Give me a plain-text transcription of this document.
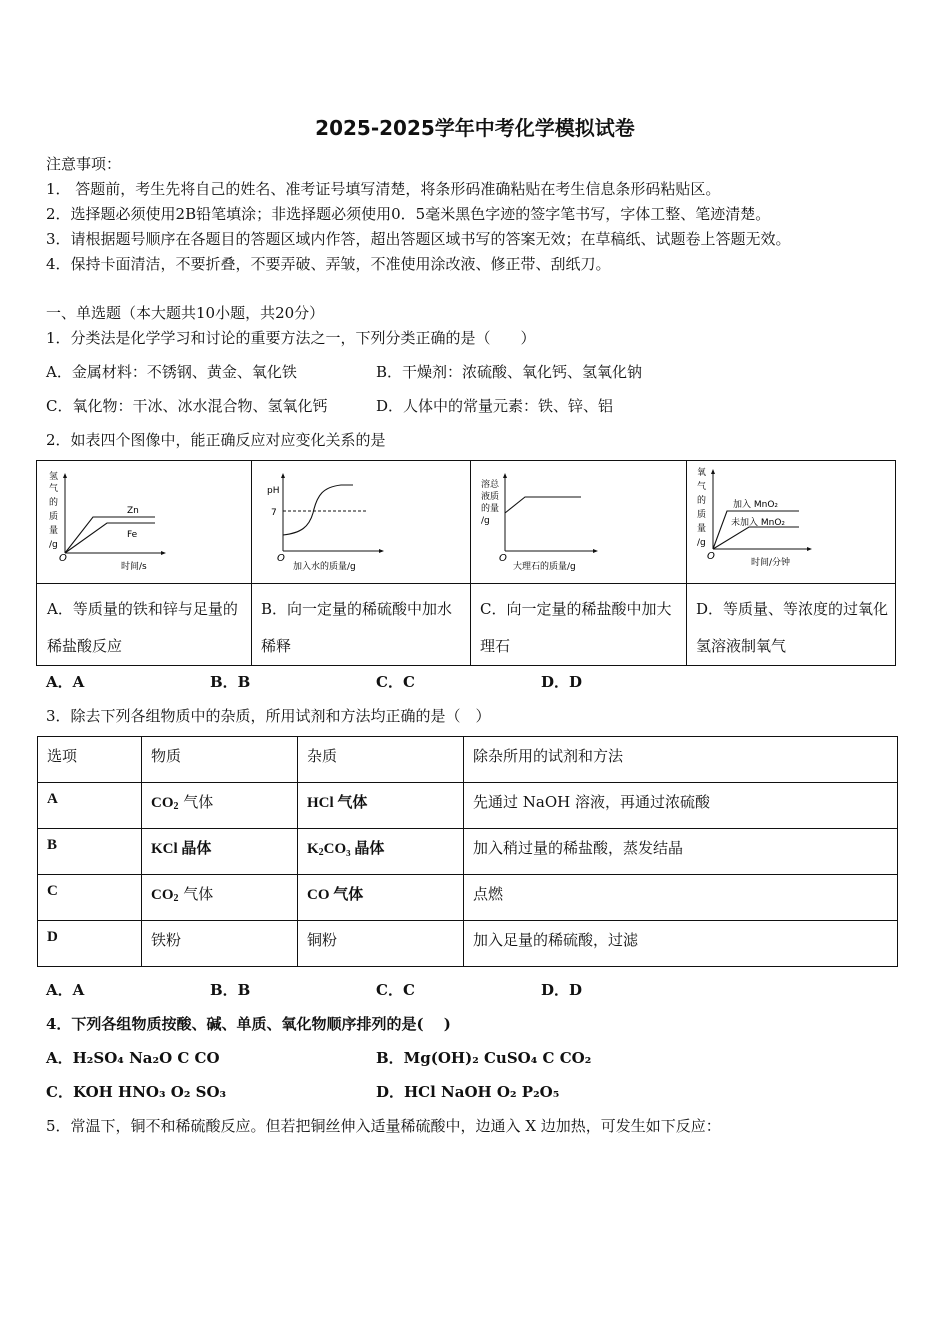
2025-2025学年中考化学模拟试卷
注意事项：
1． 答题前，考生先将自己的姓名、准考证号填写清楚，将条形码准确粘贴在考生信息条形码粘贴区。
2．选择题必须使用2B铅笔填涂；非选择题必须使用0．5毫米黑色字迹的签字笔书写，字体工整、笔迹清楚。
3．请根据题号顺序在各题目的答题区域内作答，超出答题区域书写的答案无效；在草稿纸、试题卷上答题无效。
4．保持卡面清洁，不要折叠，不要弄破、弄皱，不准使用涂改液、修正带、刮纸刀。
一、单选题（本大题共10小题，共20分）
1．分类法是化学学习和讨论的重要方法之一，下列分类正确的是（　　）
A．金属材料：不锈钢、黄金、氧化铁	B．干燥剂：浓硫酸、氧化钙、氢氧化钠
C．氧化物：干冰、冰水混合物、氢氧化钙	D．人体中的常量元素：铁、锌、铝
2．如表四个图像中，能正确反应对应变化关系的是
氢
气
的
质
量
/g
O
Zn
Fe
时间/s
pH
7
O
加入水的质量/g
溶总
液质
的量
/g
O
大理石的质量/g
氧
气
的
质
量
/g
加入 MnO₂
未加入 MnO₂
O
时间/分钟
A．等质量的铁和锌与足量的稀盐酸反应
B．向一定量的稀硫酸中加水稀释
C．向一定量的稀盐酸中加大理石
D．等质量、等浓度的过氧化氢溶液制氧气
A．A	B．B	C．C	D．D
3．除去下列各组物质中的杂质，所用试剂和方法均正确的是（　）
选项	物质	杂质	除杂所用的试剂和方法
A	$CO_2$ 气体	HCl 气体	先通过 NaOH 溶液，再通过浓硫酸
B	KCl 晶体	$K_2CO_3$ 晶体	加入稍过量的稀盐酸，蒸发结晶
C	$CO_2$ 气体	CO 气体	点燃
D	铁粉	铜粉	加入足量的稀硫酸，过滤
A．A	B．B	C．C	D．D
4．下列各组物质按酸、碱、单质、氧化物顺序排列的是(　 )
A．H₂SO₄ Na₂O C CO	B．Mg(OH)₂ CuSO₄ C CO₂
C．KOH HNO₃ O₂ SO₃	D．HCl NaOH O₂ P₂O₅
5．常温下，铜不和稀硫酸反应。但若把铜丝伸入适量稀硫酸中，边通入 X 边加热，可发生如下反应：
